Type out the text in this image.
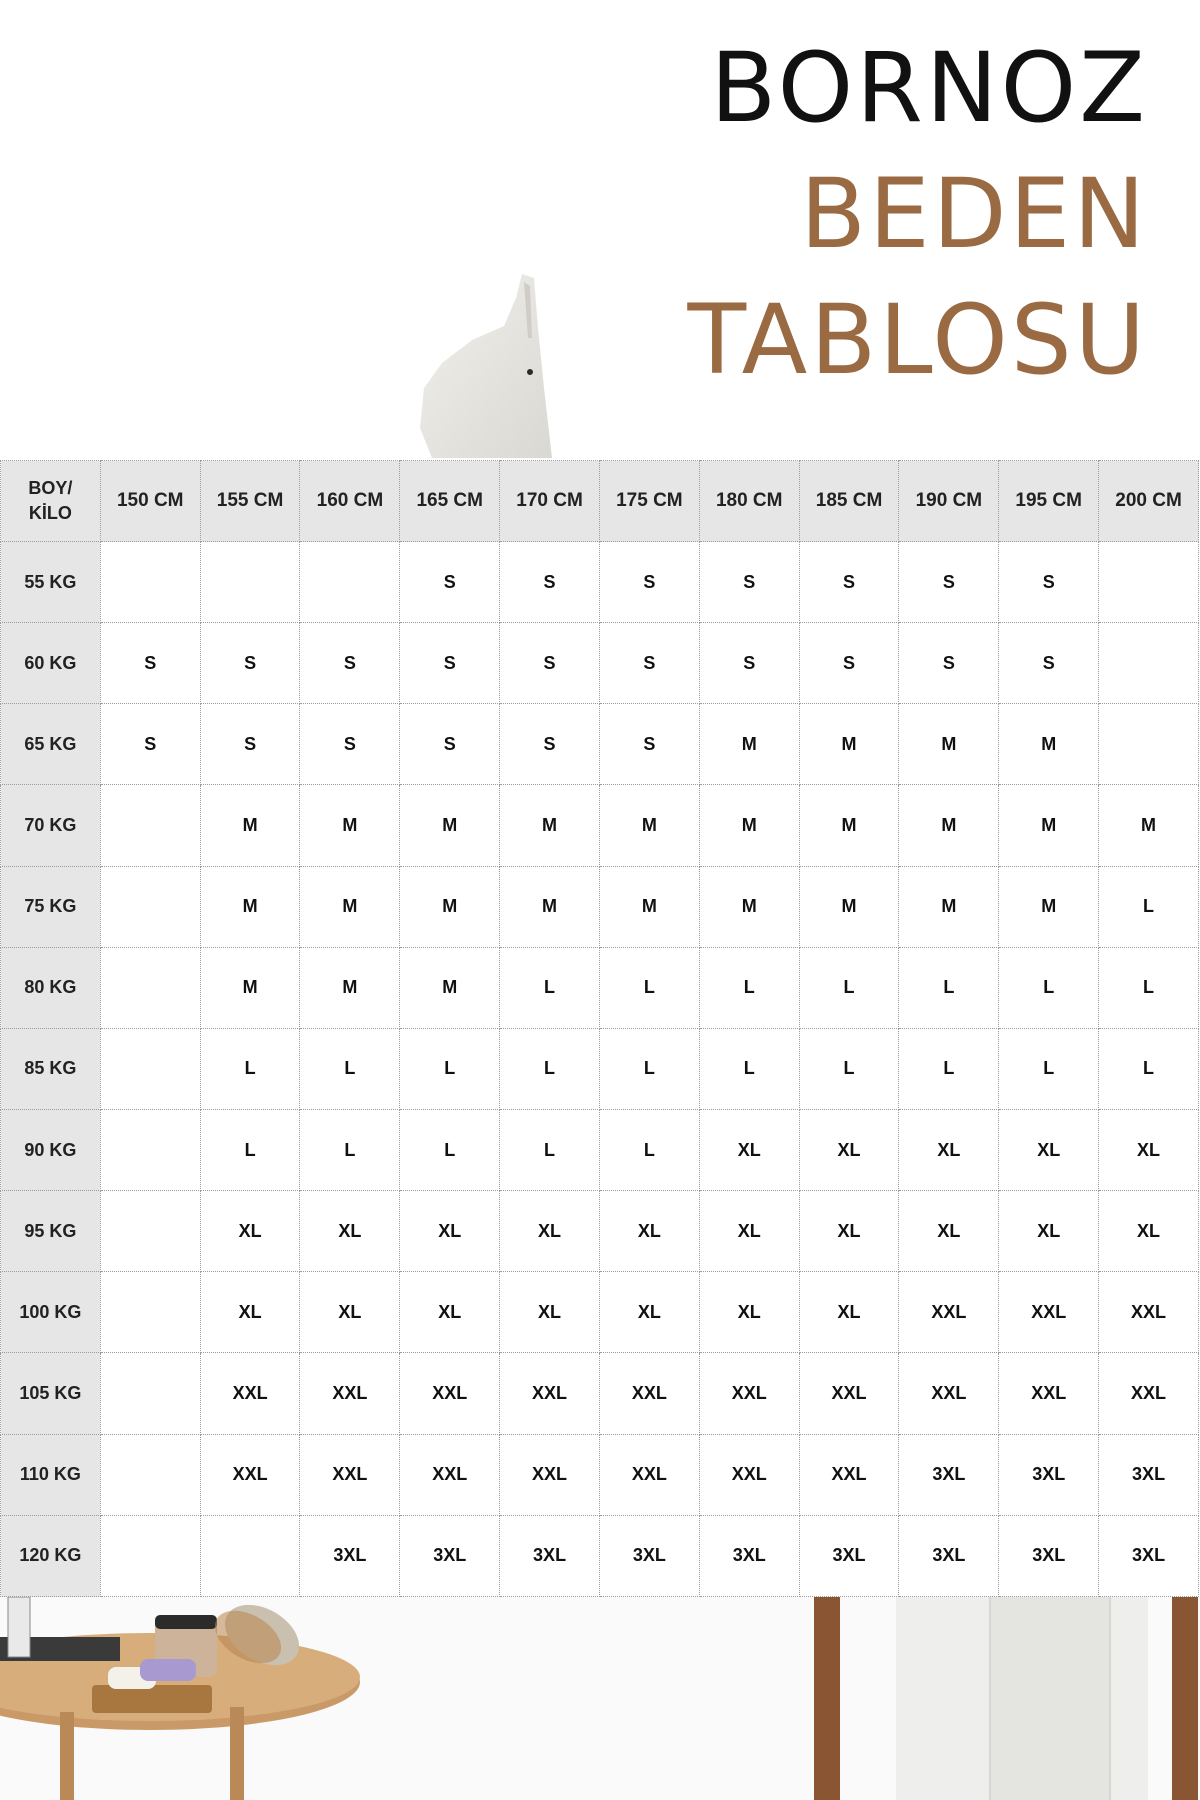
BORNOZ
BEDEN
TABLOSU
BOY/
KİLO	150 CM	155 CM	160 CM	165 CM	170 CM	175 CM	180 CM	185 CM	190 CM	195 CM	200 CM
55 KG				S	S	S	S	S	S	S	
60 KG	S	S	S	S	S	S	S	S	S	S	
65 KG	S	S	S	S	S	S	M	M	M	M	
70 KG		M	M	M	M	M	M	M	M	M	M
75 KG		M	M	M	M	M	M	M	M	M	L
80 KG		M	M	M	L	L	L	L	L	L	L
85 KG		L	L	L	L	L	L	L	L	L	L
90 KG		L	L	L	L	L	XL	XL	XL	XL	XL
95 KG		XL	XL	XL	XL	XL	XL	XL	XL	XL	XL
100 KG		XL	XL	XL	XL	XL	XL	XL	XXL	XXL	XXL
105 KG		XXL	XXL	XXL	XXL	XXL	XXL	XXL	XXL	XXL	XXL
110 KG		XXL	XXL	XXL	XXL	XXL	XXL	XXL	3XL	3XL	3XL
120 KG			3XL	3XL	3XL	3XL	3XL	3XL	3XL	3XL	3XL
